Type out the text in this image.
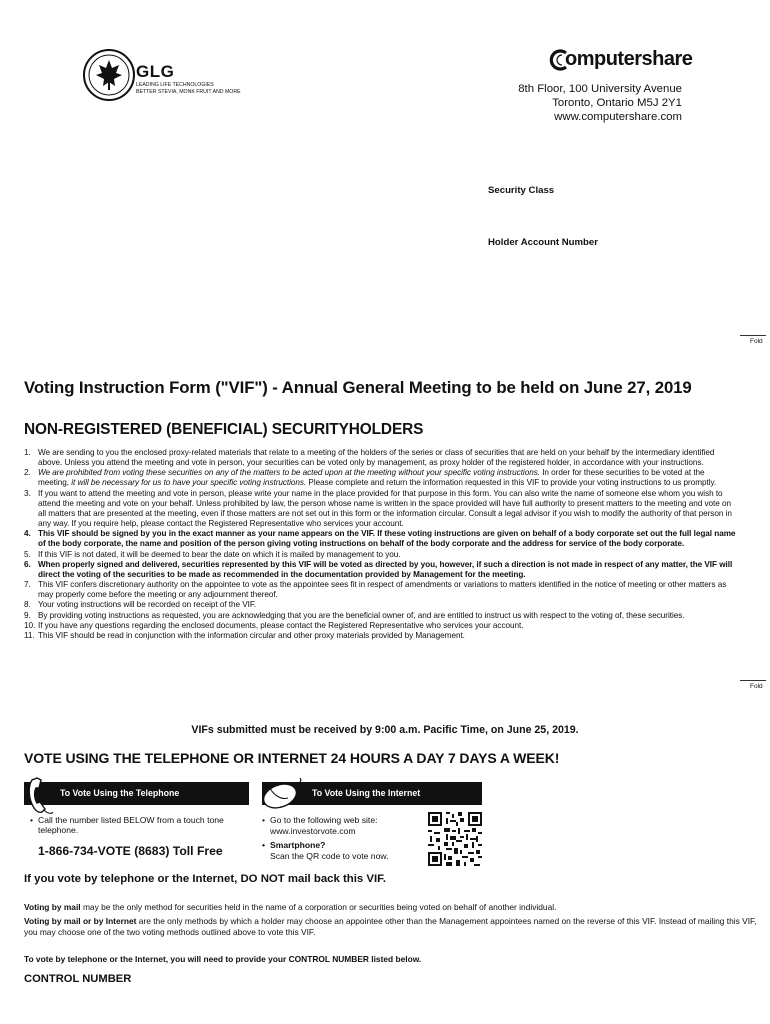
GLG
LEADING LIFE TECHNOLOGIES
BETTER STEVIA, MONK FRUIT AND MORE
omputershare
8th Floor, 100 University Avenue
Toronto, Ontario M5J 2Y1
www.computershare.com
Security Class
Holder Account Number
Fold
Voting Instruction Form ("VIF") - Annual General Meeting to be held on June 27, 2019
NON-REGISTERED (BENEFICIAL) SECURITYHOLDERS
1. We are sending to you the enclosed proxy-related materials that relate to a meeting of the holders of the series or class of securities that are held on your behalf by the intermediary identified above. Unless you attend the meeting and vote in person, your securities can be voted only by management, as proxy holder of the registered holder, in accordance with your instructions.
2. We are prohibited from voting these securities on any of the matters to be acted upon at the meeting without your specific voting instructions. In order for these securities to be voted at the meeting, it will be necessary for us to have your specific voting instructions. Please complete and return the information requested in this VIF to provide your voting instructions to us promptly.
3. If you want to attend the meeting and vote in person, please write your name in the place provided for that purpose in this form. You can also write the name of someone else whom you wish to attend the meeting and vote on your behalf. Unless prohibited by law, the person whose name is written in the space provided will have full authority to present matters to the meeting and vote on all matters that are presented at the meeting, even if those matters are not set out in this form or the information circular. Consult a legal advisor if you wish to modify the authority of that person in any way. If you require help, please contact the Registered Representative who services your account.
4. This VIF should be signed by you in the exact manner as your name appears on the VIF. If these voting instructions are given on behalf of a body corporate set out the full legal name of the body corporate, the name and position of the person giving voting instructions on behalf of the body corporate and the address for service of the body corporate.
5. If this VIF is not dated, it will be deemed to bear the date on which it is mailed by management to you.
6. When properly signed and delivered, securities represented by this VIF will be voted as directed by you, however, if such a direction is not made in respect of any matter, the VIF will direct the voting of the securities to be made as recommended in the documentation provided by Management for the meeting.
7. This VIF confers discretionary authority on the appointee to vote as the appointee sees fit in respect of amendments or variations to matters identified in the notice of meeting or other matters as may properly come before the meeting or any adjournment thereof.
8. Your voting instructions will be recorded on receipt of the VIF.
9. By providing voting instructions as requested, you are acknowledging that you are the beneficial owner of, and are entitled to instruct us with respect to the voting of, these securities.
10. If you have any questions regarding the enclosed documents, please contact the Registered Representative who services your account.
11. This VIF should be read in conjunction with the information circular and other proxy materials provided by Management.
Fold
VIFs submitted must be received by 9:00 a.m. Pacific Time, on June 25, 2019.
VOTE USING THE TELEPHONE OR INTERNET 24 HOURS A DAY 7 DAYS A WEEK!
To Vote Using the Telephone
• Call the number listed BELOW from a touch tone telephone.
1-866-734-VOTE (8683) Toll Free
To Vote Using the Internet
• Go to the following web site:
www.investorvote.com
• Smartphone?
Scan the QR code to vote now.
If you vote by telephone or the Internet, DO NOT mail back this VIF.
Voting by mail may be the only method for securities held in the name of a corporation or securities being voted on behalf of another individual.
Voting by mail or by Internet are the only methods by which a holder may choose an appointee other than the Management appointees named on the reverse of this VIF. Instead of mailing this VIF, you may choose one of the two voting methods outlined above to vote this VIF.
To vote by telephone or the Internet, you will need to provide your CONTROL NUMBER listed below.
CONTROL NUMBER
